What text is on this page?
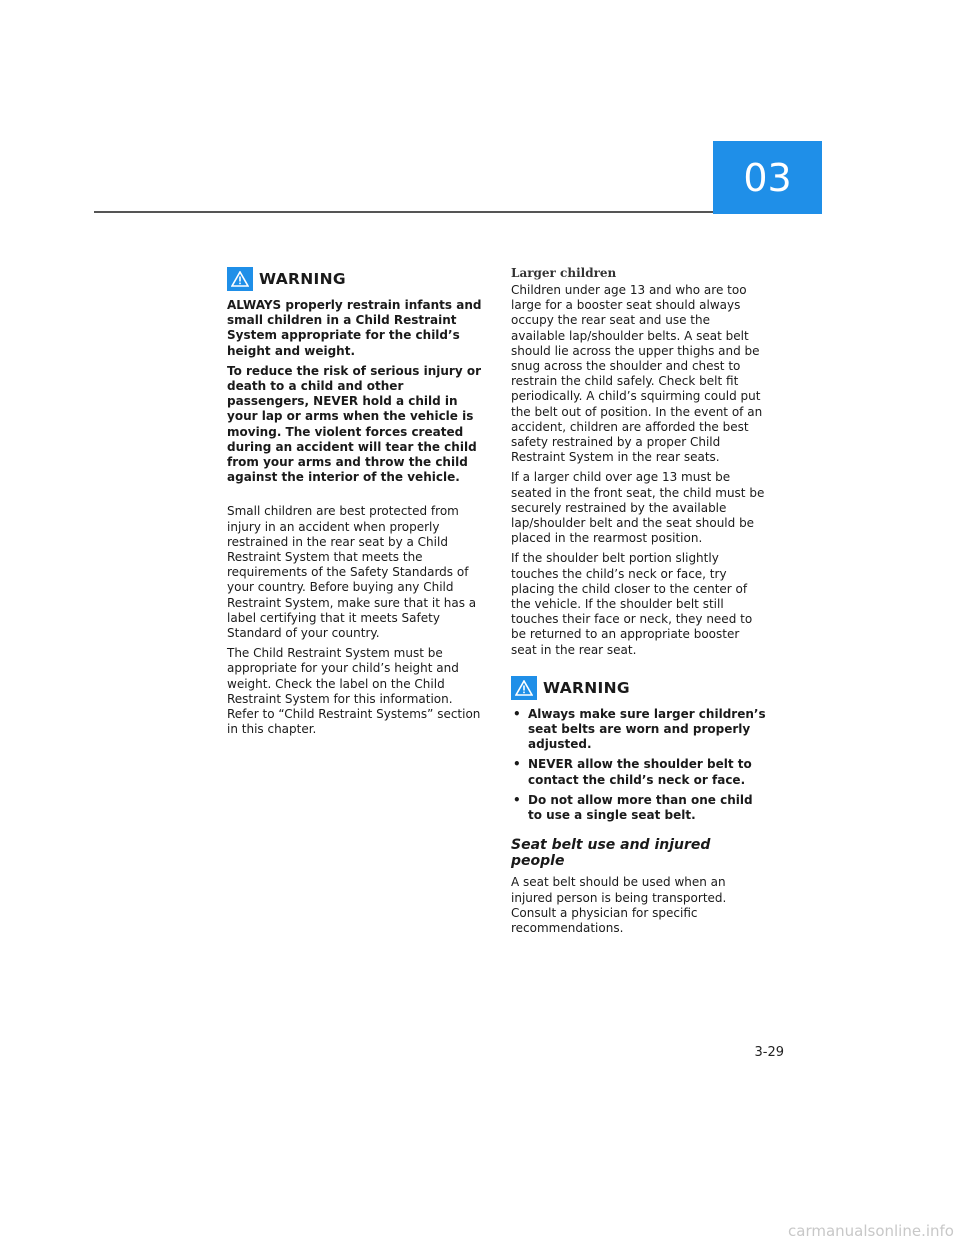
03
WARNING

ALWAYS properly restrain infants and small children in a Child Restraint System appropriate for the child’s height and weight.

To reduce the risk of serious injury or death to a child and other passengers, NEVER hold a child in your lap or arms when the vehicle is moving. The violent forces created during an accident will tear the child from your arms and throw the child against the interior of the vehicle.

Small children are best protected from injury in an accident when properly restrained in the rear seat by a Child Restraint System that meets the requirements of the Safety Standards of your country. Before buying any Child Restraint System, make sure that it has a label certifying that it meets Safety Standard of your country.

The Child Restraint System must be appropriate for your child’s height and weight. Check the label on the Child Restraint System for this information. Refer to “Child Restraint Systems” section in this chapter.

Larger children

Children under age 13 and who are too large for a booster seat should always occupy the rear seat and use the available lap/shoulder belts. A seat belt should lie across the upper thighs and be snug across the shoulder and chest to restrain the child safely. Check belt fit periodically. A child’s squirming could put the belt out of position. In the event of an accident, children are afforded the best safety restrained by a proper Child Restraint System in the rear seats.

If a larger child over age 13 must be seated in the front seat, the child must be securely restrained by the available lap/shoulder belt and the seat should be placed in the rearmost position.

If the shoulder belt portion slightly touches the child’s neck or face, try placing the child closer to the center of the vehicle. If the shoulder belt still touches their face or neck, they need to be returned to an appropriate booster seat in the rear seat.

WARNING
• Always make sure larger children’s seat belts are worn and properly adjusted.
• NEVER allow the shoulder belt to contact the child’s neck or face.
• Do not allow more than one child to use a single seat belt.
Seat belt use and injured people

A seat belt should be used when an injured person is being transported. Consult a physician for specific recommendations.

3-29
carmanualsonline.info
